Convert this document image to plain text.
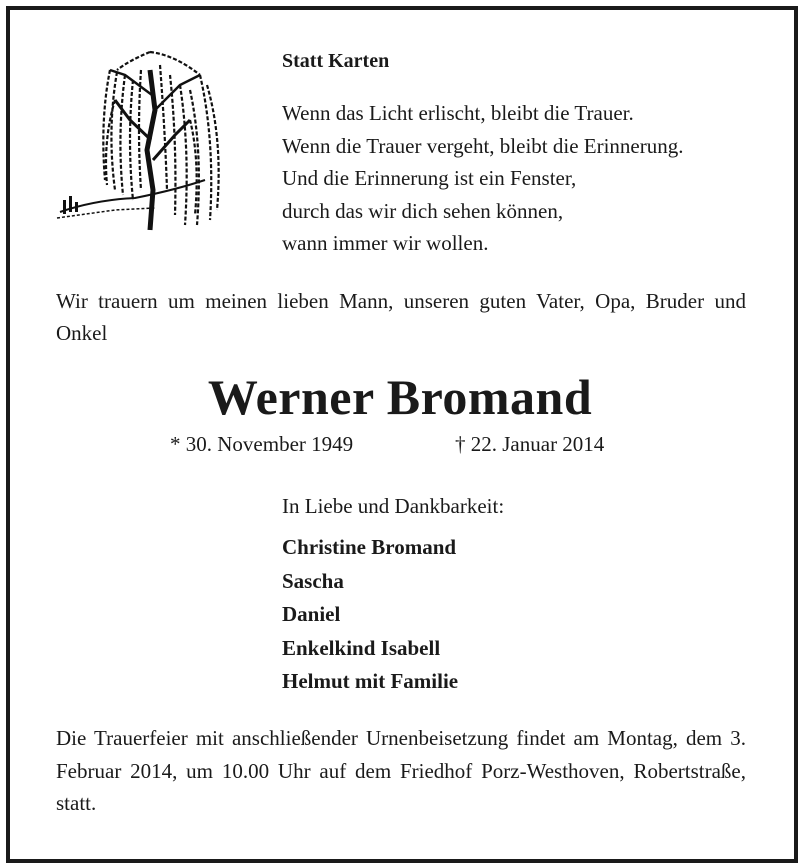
Statt Karten
Wenn das Licht erlischt, bleibt die Trauer.
Wenn die Trauer vergeht, bleibt die Erinnerung.
Und die Erinnerung ist ein Fenster,
durch das wir dich sehen können,
wann immer wir wollen.
Wir trauern um meinen lieben Mann, unseren guten Vater, Opa, Bruder und Onkel
Werner Bromand
* 30. November 1949	† 22. Januar 2014
In Liebe und Dankbarkeit:
Christine Bromand
Sascha
Daniel
Enkelkind Isabell
Helmut mit Familie
Die Trauerfeier mit anschließender Urnenbeisetzung findet am Montag, dem 3. Februar 2014, um 10.00 Uhr auf dem Friedhof Porz-Westhoven, Robertstraße, statt.
